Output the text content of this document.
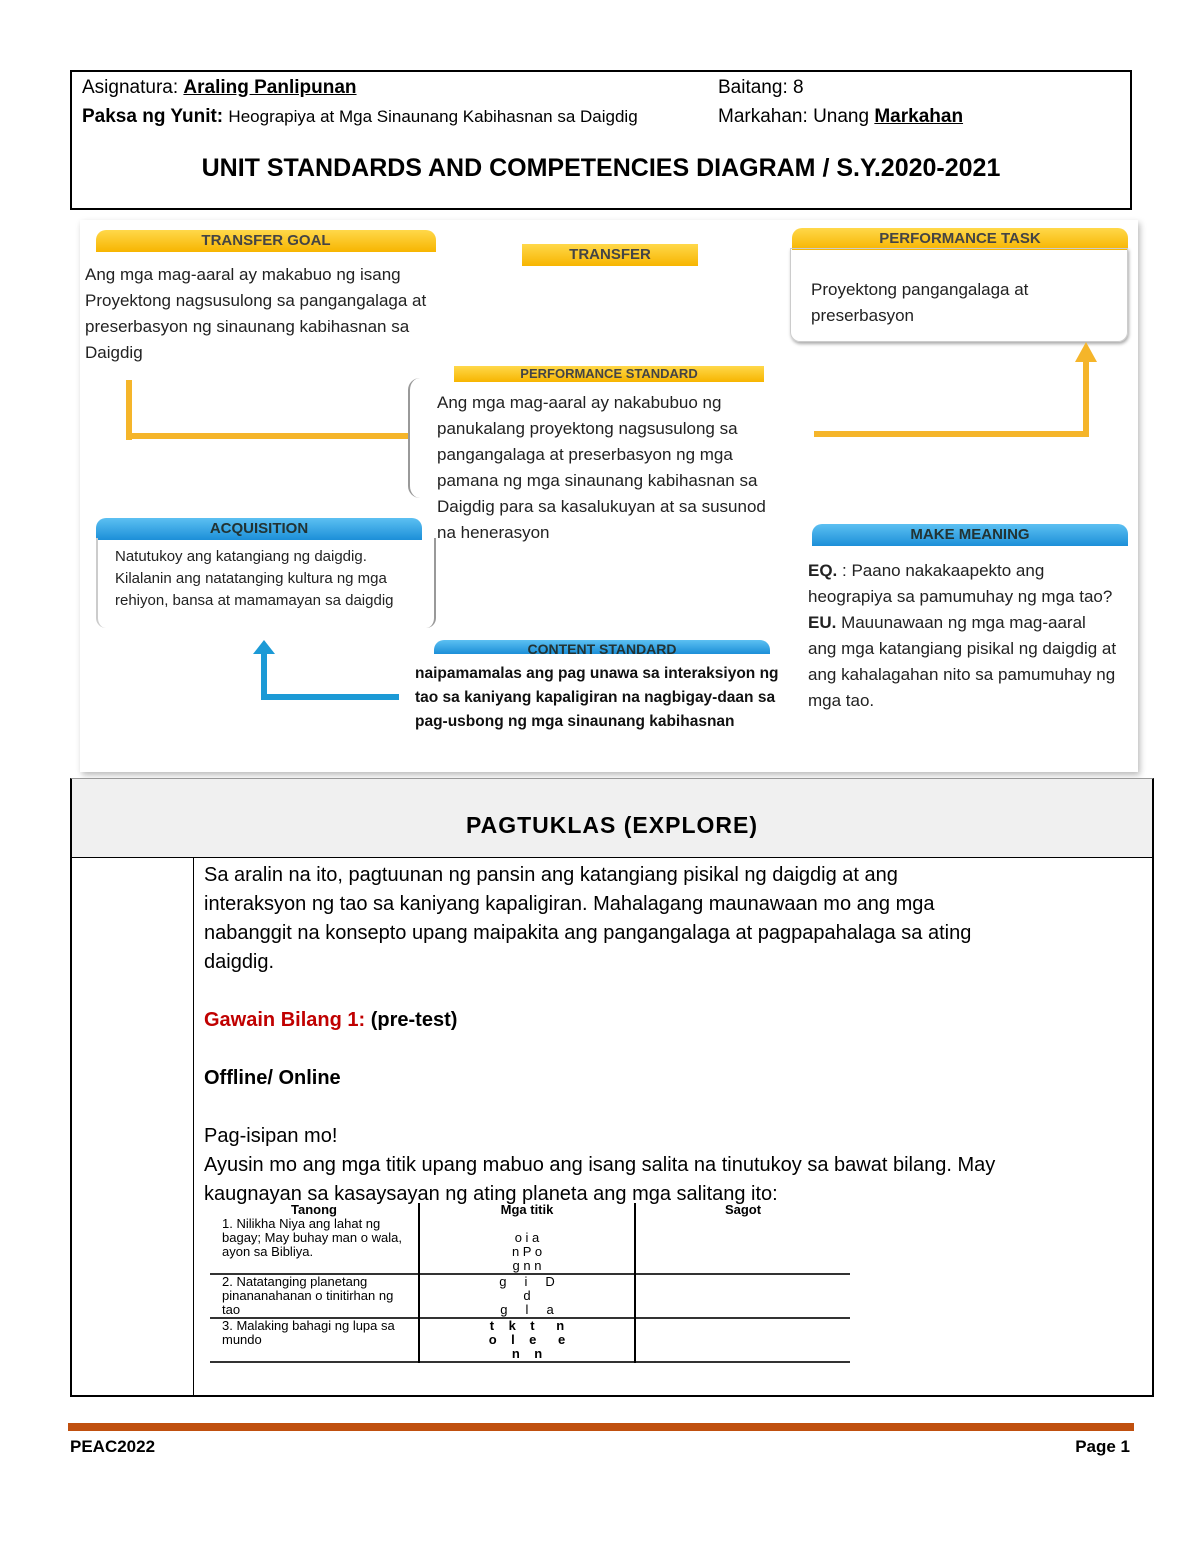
Asignatura: Araling Panlipunan	Baitang: 8
Paksa ng Yunit: Heograpiya at Mga Sinaunang Kabihasnan sa Daigdig	Markahan: Unang Markahan
UNIT STANDARDS AND COMPETENCIES DIAGRAM / S.Y.2020-2021
TRANSFER GOAL
Ang mga mag-aaral ay makabuo ng isang Proyektong nagsusulong sa pangangalaga at preserbasyon ng sinaunang kabihasnan sa Daigdig
TRANSFER
PERFORMANCE TASK
Proyektong pangangalaga at preserbasyon
PERFORMANCE STANDARD
Ang mga mag-aaral ay nakabubuo ng panukalang proyektong nagsusulong sa pangangalaga at preserbasyon ng mga pamana ng mga sinaunang kabihasnan sa Daigdig para sa kasalukuyan at sa susunod na henerasyon
ACQUISITION
Natutukoy ang katangiang ng daigdig. Kilalanin ang natatanging kultura ng mga rehiyon, bansa at mamamayan sa daigdig
MAKE MEANING
EQ. : Paano nakakaapekto ang heograpiya sa pamumuhay ng mga tao?
EU. Mauunawaan ng mga mag-aaral ang mga katangiang pisikal ng daigdig at ang kahalagahan nito sa pamumuhay ng mga tao.
CONTENT STANDARD
naipamamalas ang pag unawa sa interaksiyon ng tao sa kaniyang kapaligiran na nagbigay-daan sa pag-usbong ng mga sinaunang kabihasnan
PAGTUKLAS (EXPLORE)
Sa aralin na ito, pagtuunan ng pansin ang katangiang pisikal ng daigdig at ang interaksyon ng tao sa kaniyang kapaligiran. Mahalagang maunawaan mo ang mga nabanggit na konsepto upang maipakita ang pangangalaga at pagpapahalaga sa ating daigdig.
Gawain Bilang 1: (pre-test)
Offline/ Online
Pag-isipan mo!
Ayusin mo ang mga titik upang mabuo ang isang salita na tinutukoy sa bawat bilang. May kaugnayan sa kasaysayan ng ating planeta ang mga salitang ito:
Tanong	Mga titik	Sagot
1. Nilikha Niya ang lahat ng bagay; May buhay man o wala, ayon sa Bibliya.	o i a
n P o
g n n	

2. Natatanging planetang pinananahanan o tinitirhan ng tao	g     i     D
d
g     l     a	

3. Malaking bahagi ng lupa sa mundo	t    k    t      n
o    l    e      e
n    n	

PEAC2022	Page 1
